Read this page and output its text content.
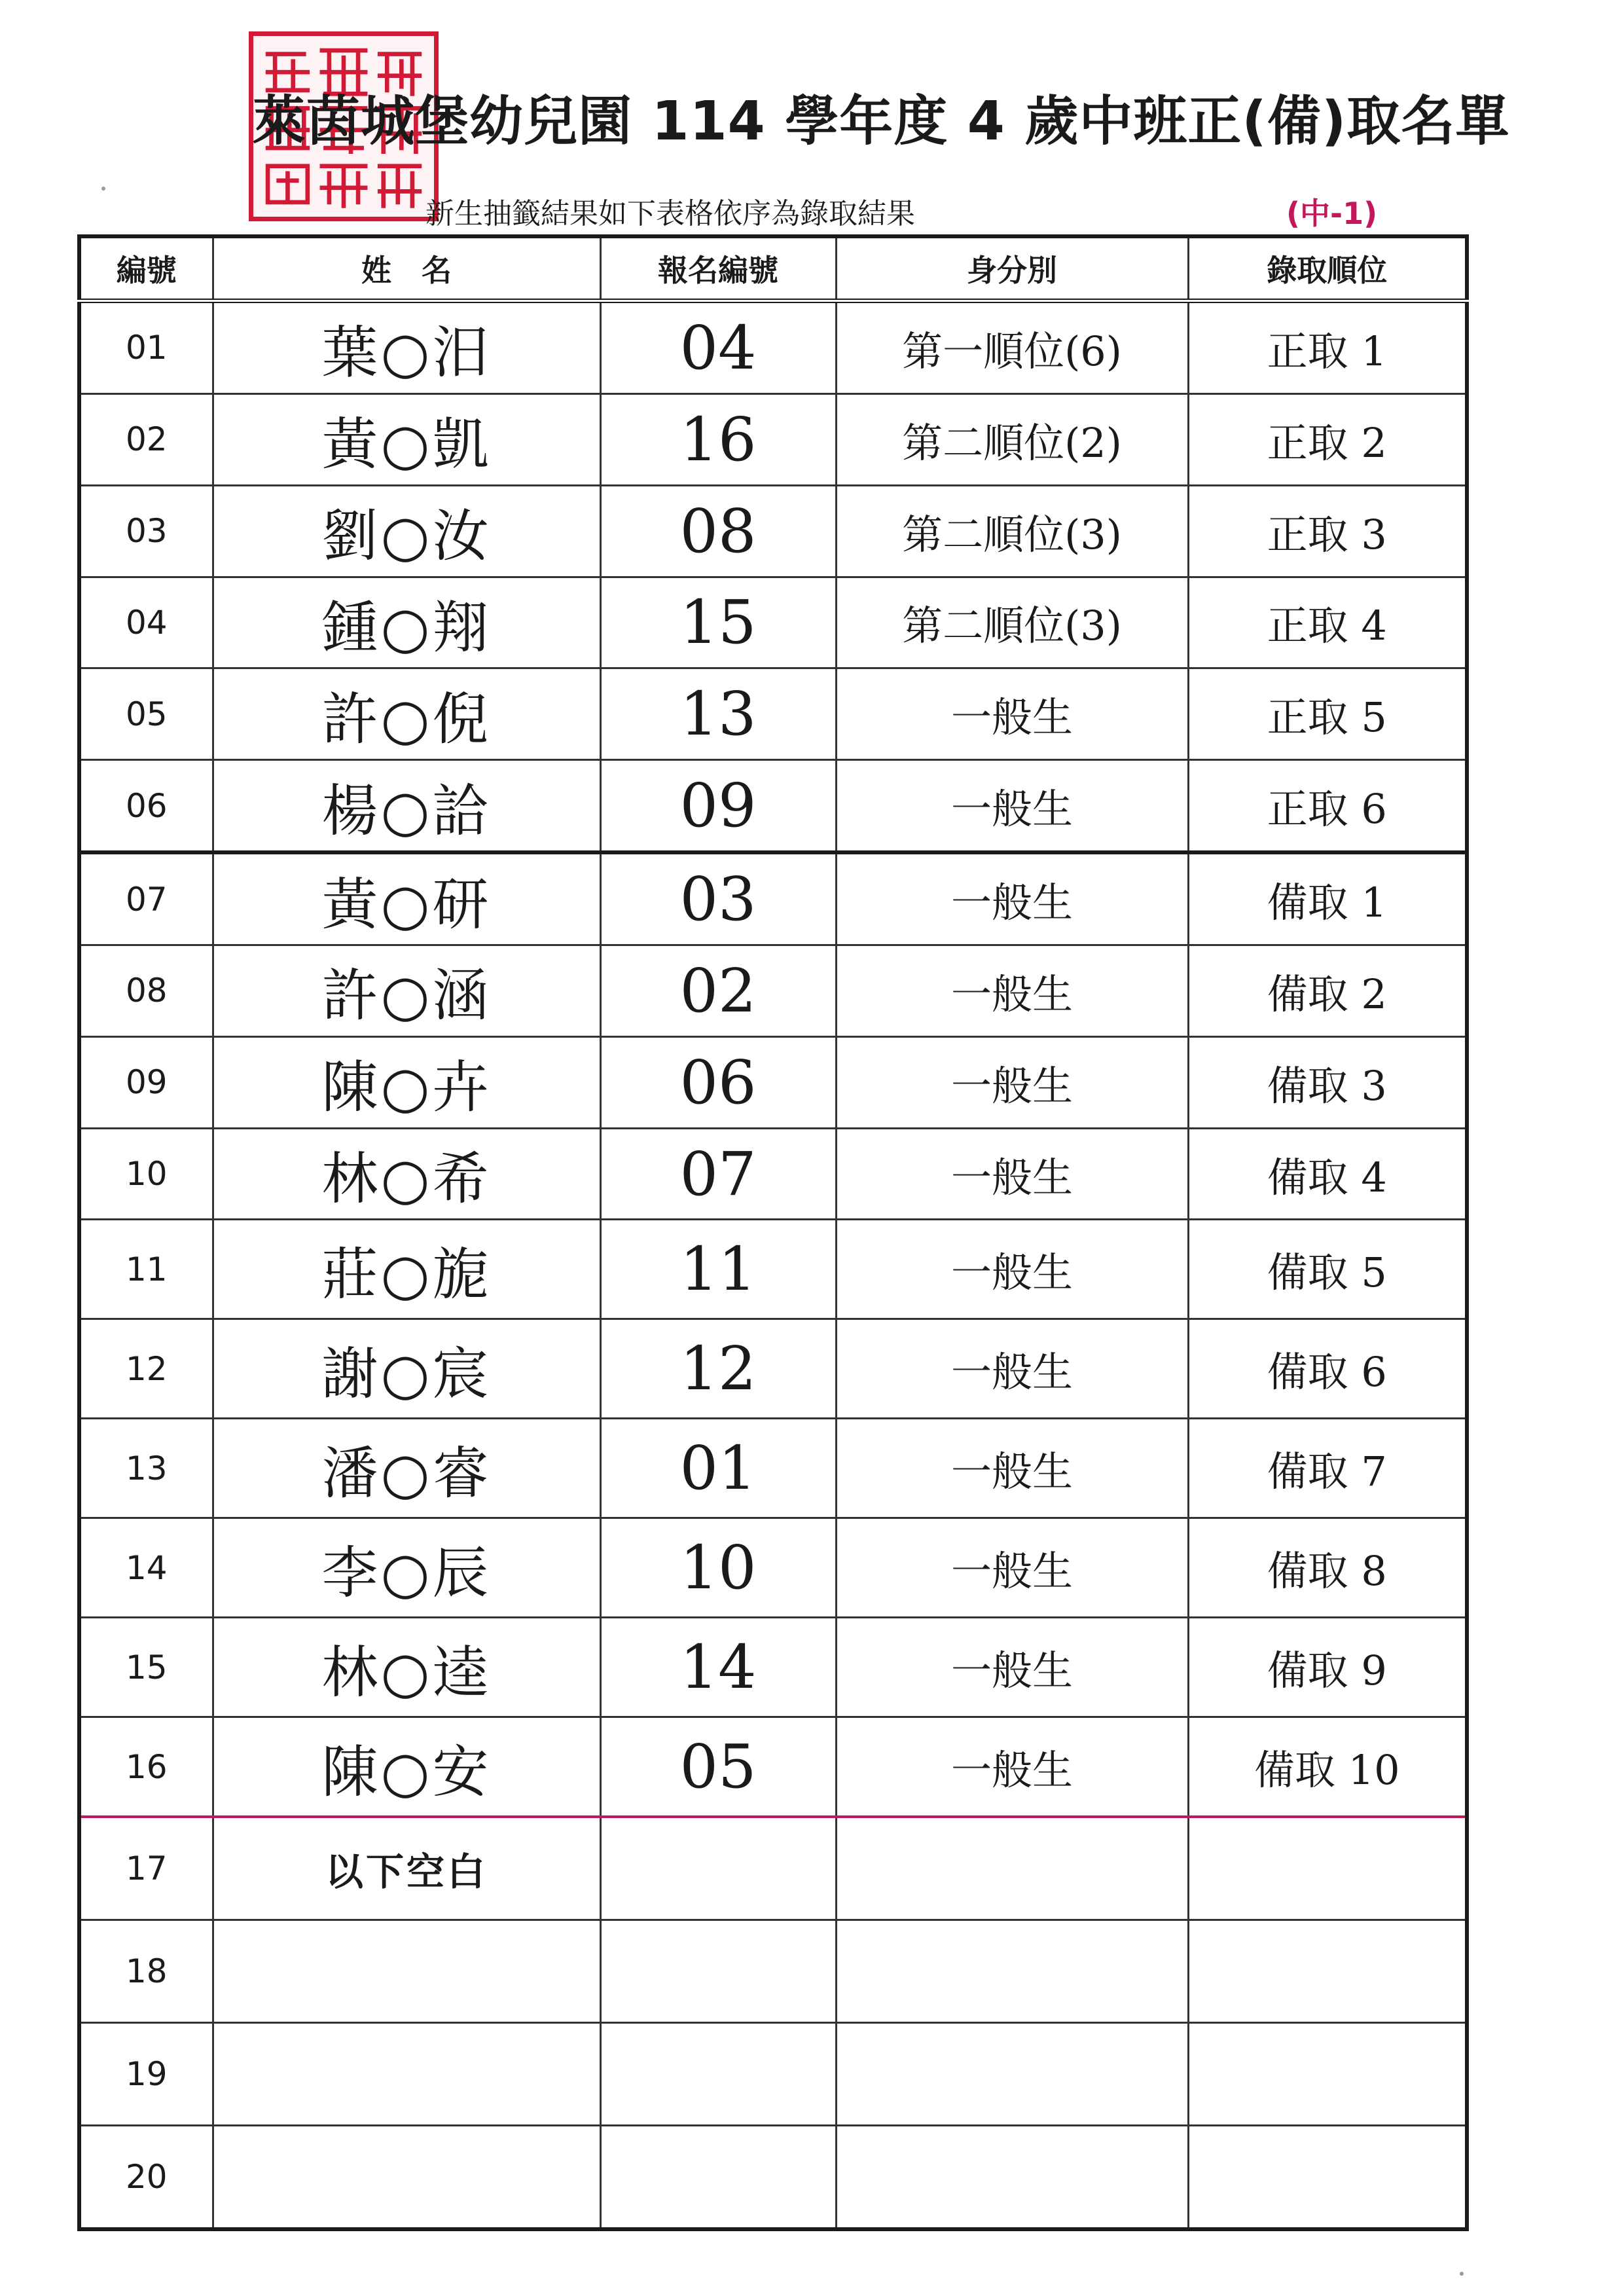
萊茵城堡幼兒園 114 學年度 4 歲中班正(備)取名單
新生抽籤結果如下表格依序為錄取結果	(中-1)
編號	姓　名	報名編號	身分別	錄取順位
01	葉○汨	04	第一順位(6)	正取 1
02	黃○凱	16	第二順位(2)	正取 2
03	劉○汝	08	第二順位(3)	正取 3
04	鍾○翔	15	第二順位(3)	正取 4
05	許○倪	13	一般生	正取 5
06	楊○詥	09	一般生	正取 6
07	黃○研	03	一般生	備取 1
08	許○涵	02	一般生	備取 2
09	陳○卉	06	一般生	備取 3
10	林○希	07	一般生	備取 4
11	莊○旎	11	一般生	備取 5
12	謝○宸	12	一般生	備取 6
13	潘○睿	01	一般生	備取 7
14	李○辰	10	一般生	備取 8
15	林○逵	14	一般生	備取 9
16	陳○安	05	一般生	備取 10
17	以下空白			
18				
19				
20				
